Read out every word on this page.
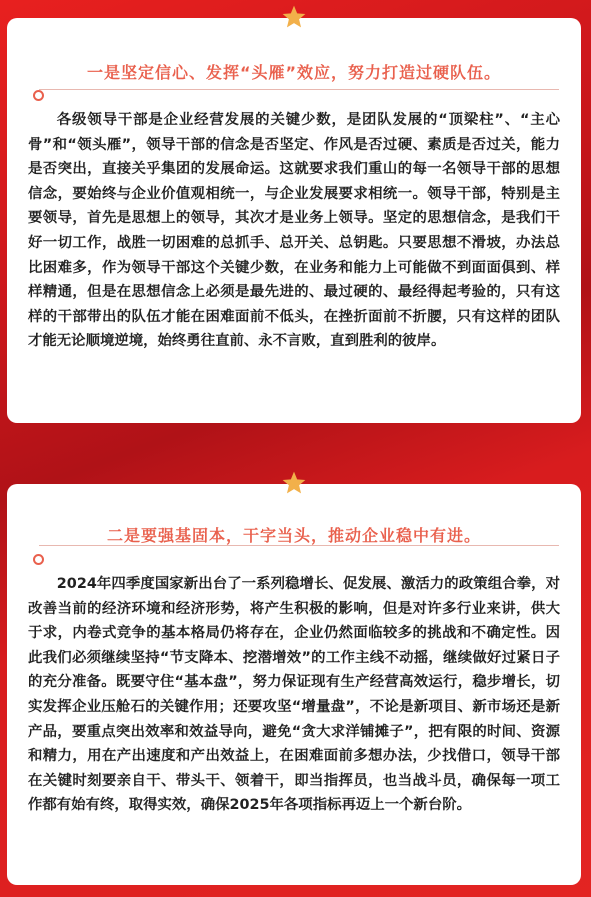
一是坚定信心、发挥“头雁”效应，努力打造过硬队伍。
各级领导干部是企业经营发展的关键少数，是团队发展的“顶梁柱”、“主心骨”和“领头雁”，领导干部的信念是否坚定、作风是否过硬、素质是否过关，能力是否突出，直接关乎集团的发展命运。这就要求我们重山的每一名领导干部的思想信念，要始终与企业价值观相统一，与企业发展要求相统一。领导干部，特别是主要领导，首先是思想上的领导，其次才是业务上领导。坚定的思想信念，是我们干好一切工作，战胜一切困难的总抓手、总开关、总钥匙。只要思想不滑坡，办法总比困难多，作为领导干部这个关键少数，在业务和能力上可能做不到面面俱到、样样精通，但是在思想信念上必须是最先进的、最过硬的、最经得起考验的，只有这样的干部带出的队伍才能在困难面前不低头，在挫折面前不折腰，只有这样的团队才能无论顺境逆境，始终勇往直前、永不言败，直到胜利的彼岸。
二是要强基固本，干字当头，推动企业稳中有进。
2024年四季度国家新出台了一系列稳增长、促发展、激活力的政策组合拳，对改善当前的经济环境和经济形势，将产生积极的影响，但是对许多行业来讲，供大于求，内卷式竞争的基本格局仍将存在，企业仍然面临较多的挑战和不确定性。因此我们必须继续坚持“节支降本、挖潜增效”的工作主线不动摇，继续做好过紧日子的充分准备。既要守住“基本盘”，努力保证现有生产经营高效运行，稳步增长，切实发挥企业压舱石的关键作用；还要攻坚“增量盘”，不论是新项目、新市场还是新产品，要重点突出效率和效益导向，避免“贪大求洋铺摊子”，把有限的时间、资源和精力，用在产出速度和产出效益上，在困难面前多想办法，少找借口，领导干部在关键时刻要亲自干、带头干、领着干，即当指挥员，也当战斗员，确保每一项工作都有始有终，取得实效，确保2025年各项指标再迈上一个新台阶。
